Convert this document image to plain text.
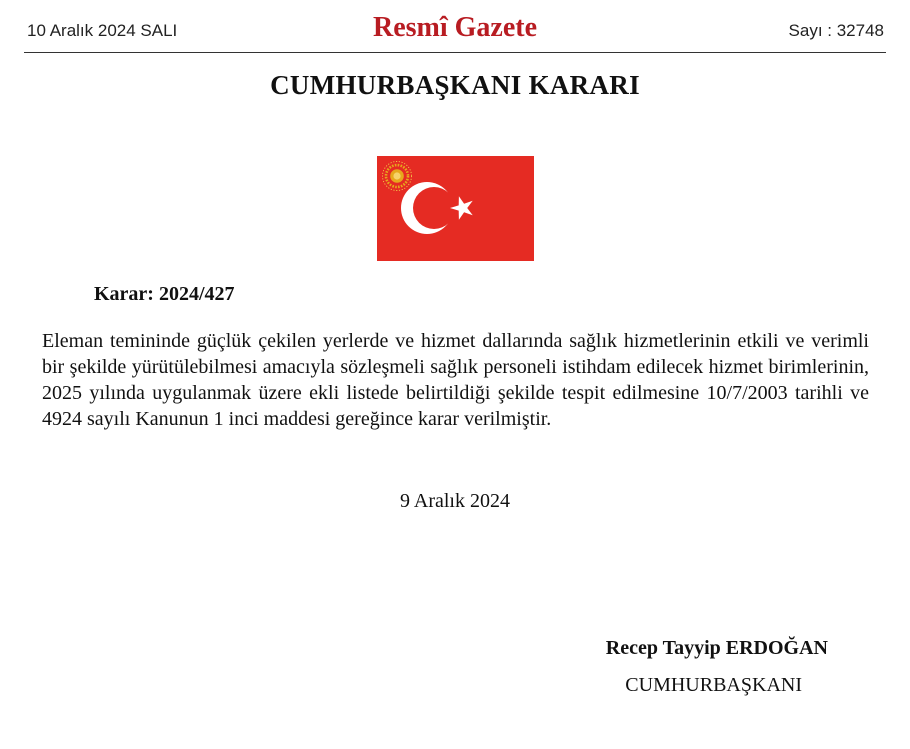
10 Aralık 2024 SALI	Resmî Gazete	Sayı : 32748
CUMHURBAŞKANI KARARI
Karar: 2024/427
Eleman temininde güçlük çekilen yerlerde ve hizmet dallarında sağlık hizmetlerinin etkili ve verimli bir şekilde yürütülebilmesi amacıyla sözleşmeli sağlık personeli istihdam edilecek hizmet birimlerinin, 2025 yılında uygulanmak üzere ekli listede belirtildiği şekilde tespit edilmesine 10/7/2003 tarihli ve 4924 sayılı Kanunun 1 inci maddesi gereğince karar verilmiştir.
9 Aralık 2024
Recep Tayyip ERDOĞAN
CUMHURBAŞKANI
